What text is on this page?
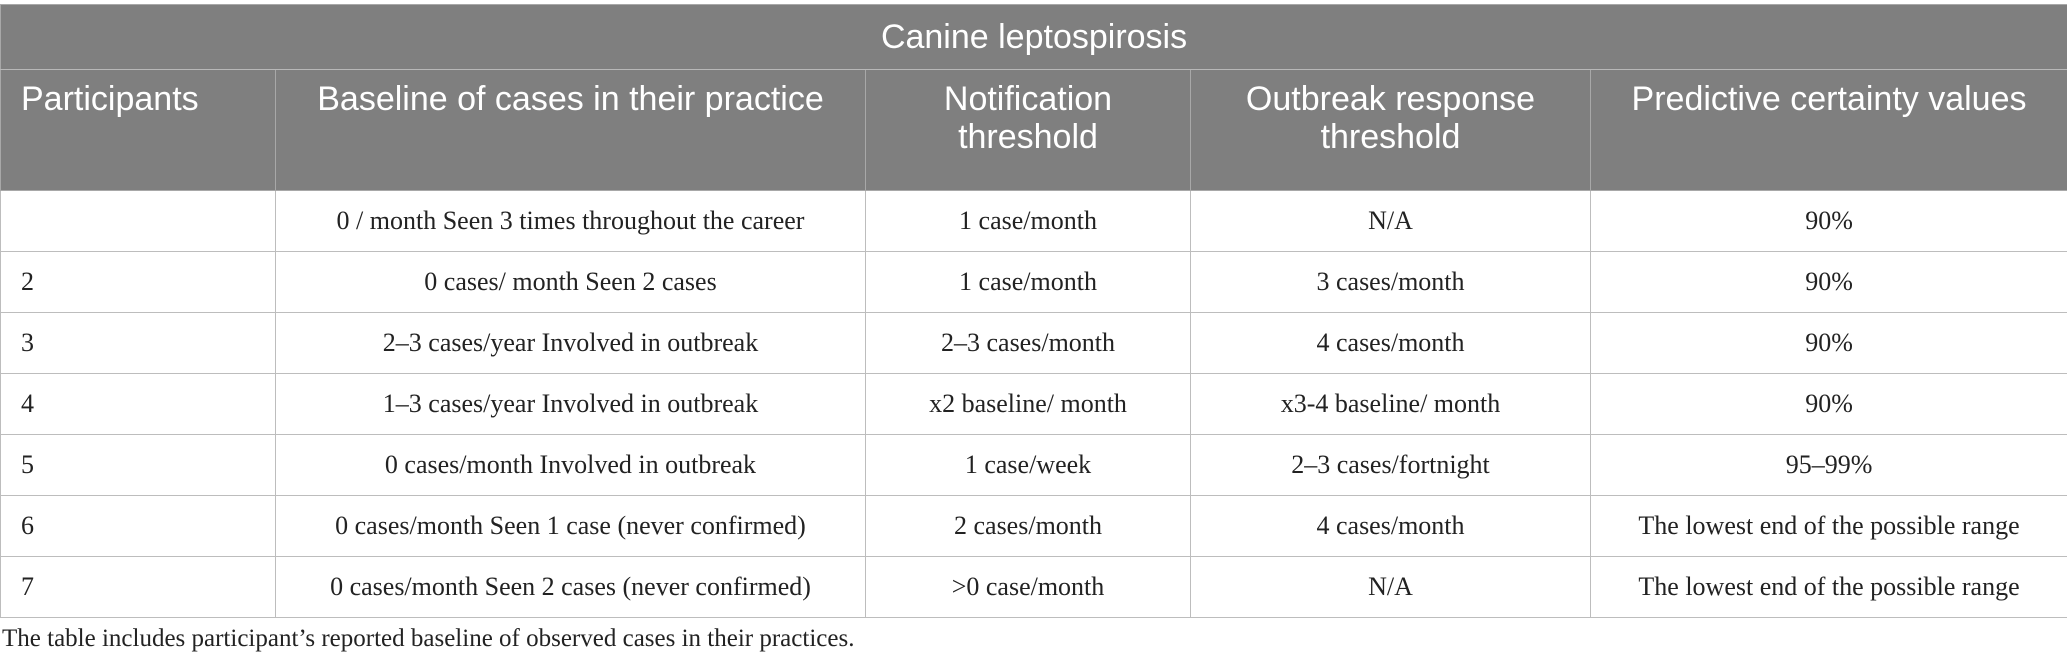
Canine leptospirosis				
Participants	Baseline of cases in their practice	Notification threshold	Outbreak response threshold	Predictive certainty values
	0 / month Seen 3 times throughout the career	1 case/month	N/A	90%
2	0 cases/ month Seen 2 cases	1 case/month	3 cases/month	90%
3	2–3 cases/year Involved in outbreak	2–3 cases/month	4 cases/month	90%
4	1–3 cases/year Involved in outbreak	x2 baseline/ month	x3-4 baseline/ month	90%
5	0 cases/month Involved in outbreak	1 case/week	2–3 cases/fortnight	95–99%
6	0 cases/month Seen 1 case (never confirmed)	2 cases/month	4 cases/month	The lowest end of the possible range
7	0 cases/month Seen 2 cases (never confirmed)	>0 case/month	N/A	The lowest end of the possible range

The table includes participant’s reported baseline of observed cases in their practices.
